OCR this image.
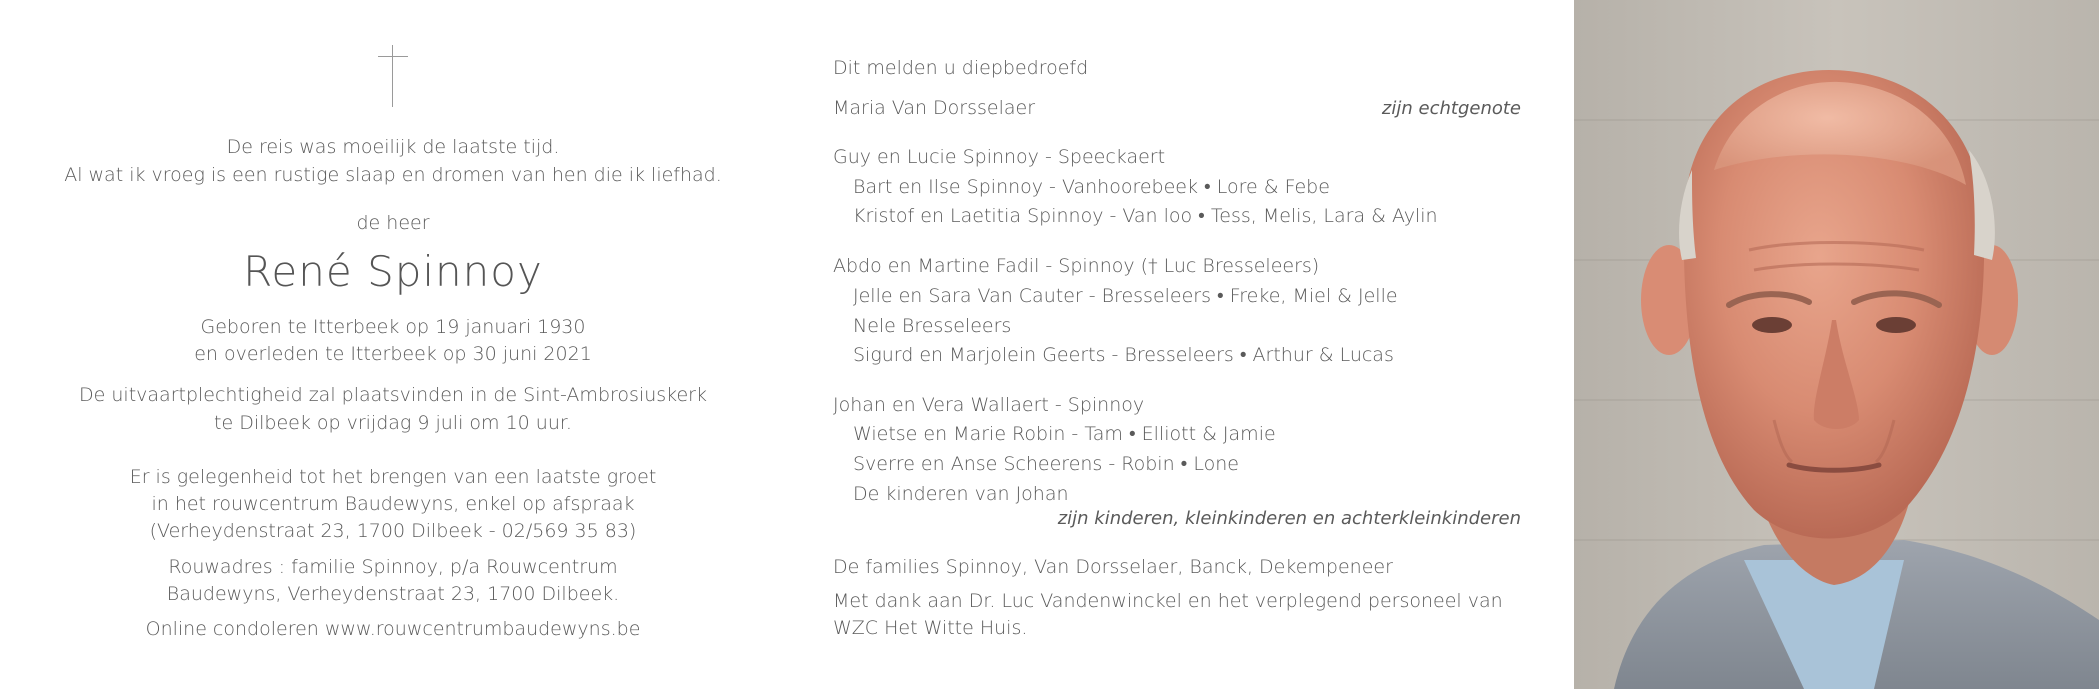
De reis was moeilijk de laatste tijd.
Al wat ik vroeg is een rustige slaap en dromen van hen die ik liefhad.
de heer
René Spinnoy
Geboren te Itterbeek op 19 januari 1930
en overleden te Itterbeek op 30 juni 2021
De uitvaartplechtigheid zal plaatsvinden in de Sint-Ambrosiuskerk
te Dilbeek op vrijdag 9 juli om 10 uur.
Er is gelegenheid tot het brengen van een laatste groet
in het rouwcentrum Baudewyns, enkel op afspraak
(Verheydenstraat 23, 1700 Dilbeek - 02/569 35 83)
Rouwadres : familie Spinnoy, p/a Rouwcentrum
Baudewyns, Verheydenstraat 23, 1700 Dilbeek.
Online condoleren www.rouwcentrumbaudewyns.be
Dit melden u diepbedroefd
Maria Van Dorsselaer	zijn echtgenote
Guy en Lucie Spinnoy - Speeckaert
Bart en Ilse Spinnoy - Vanhoorebeek • Lore & Febe
Kristof en Laetitia Spinnoy - Van loo • Tess, Melis, Lara & Aylin
Abdo en Martine Fadil - Spinnoy († Luc Bresseleers)
Jelle en Sara Van Cauter - Bresseleers • Freke, Miel & Jelle
Nele Bresseleers
Sigurd en Marjolein Geerts - Bresseleers • Arthur & Lucas
Johan en Vera Wallaert - Spinnoy
Wietse en Marie Robin - Tam • Elliott & Jamie
Sverre en Anse Scheerens - Robin • Lone
De kinderen van Johan
zijn kinderen, kleinkinderen en achterkleinkinderen
De families Spinnoy, Van Dorsselaer, Banck, Dekempeneer
Met dank aan Dr. Luc Vandenwinckel en het verplegend personeel van
WZC Het Witte Huis.
